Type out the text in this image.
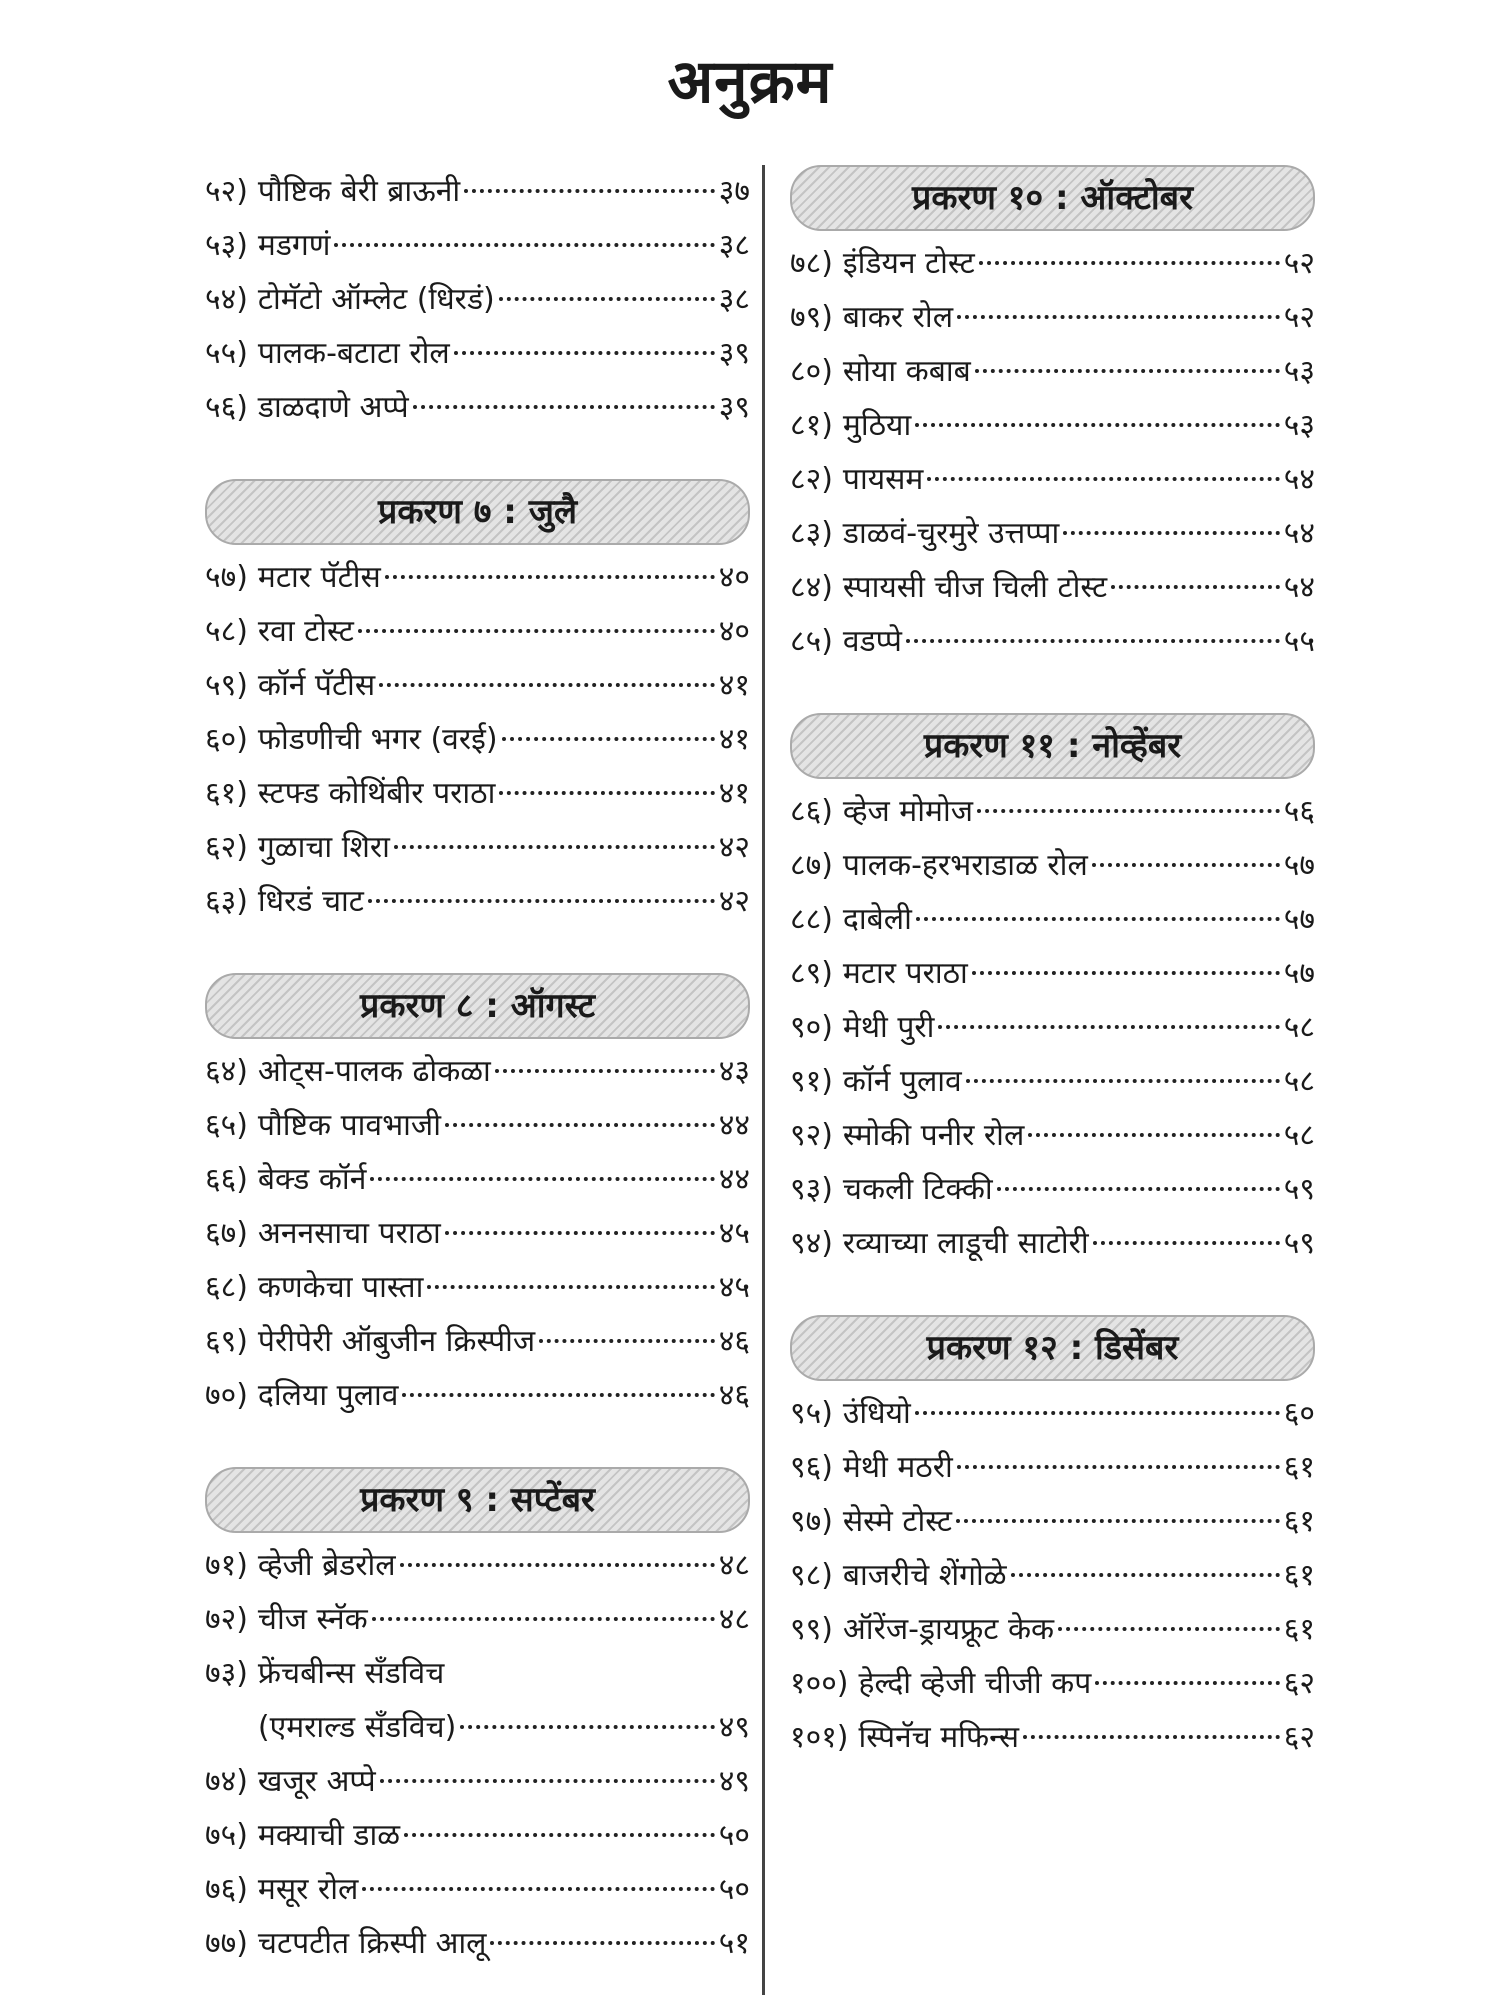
अनुक्रम
५२) पौष्टिक बेरी ब्राऊनी	३७
५३) मडगणं	३८
५४) टोमॅटो ऑम्लेट (धिरडं)	३८
५५) पालक-बटाटा रोल	३९
५६) डाळदाणे अप्पे	३९
प्रकरण ७ : जुलै
५७) मटार पॅटीस	४०
५८) रवा टोस्ट	४०
५९) कॉर्न पॅटीस	४१
६०) फोडणीची भगर (वरई)	४१
६१) स्टफ्ड कोथिंबीर पराठा	४१
६२) गुळाचा शिरा	४२
६३) धिरडं चाट	४२
प्रकरण ८ : ऑगस्ट
६४) ओट्स-पालक ढोकळा	४३
६५) पौष्टिक पावभाजी	४४
६६) बेक्ड कॉर्न	४४
६७) अननसाचा पराठा	४५
६८) कणकेचा पास्ता	४५
६९) पेरीपेरी ऑबुजीन क्रिस्पीज	४६
७०) दलिया पुलाव	४६
प्रकरण ९ : सप्टेंबर
७१) व्हेजी ब्रेडरोल	४८
७२) चीज स्नॅक	४८
७३) फ्रेंचबीन्स सँडविच
(एमराल्ड सँडविच)	४९
७४) खजूर अप्पे	४९
७५) मक्याची डाळ	५०
७६) मसूर रोल	५०
७७) चटपटीत क्रिस्पी आलू	५१
प्रकरण १० : ऑक्टोबर
७८) इंडियन टोस्ट	५२
७९) बाकर रोल	५२
८०) सोया कबाब	५३
८१) मुठिया	५३
८२) पायसम	५४
८३) डाळवं-चुरमुरे उत्तप्पा	५४
८४) स्पायसी चीज चिली टोस्ट	५४
८५) वडप्पे	५५
प्रकरण ११ : नोव्हेंबर
८६) व्हेज मोमोज	५६
८७) पालक-हरभराडाळ रोल	५७
८८) दाबेली	५७
८९) मटार पराठा	५७
९०) मेथी पुरी	५८
९१) कॉर्न पुलाव	५८
९२) स्मोकी पनीर रोल	५८
९३) चकली टिक्की	५९
९४) रव्याच्या लाडूची साटोरी	५९
प्रकरण १२ : डिसेंबर
९५) उंधियो	६०
९६) मेथी मठरी	६१
९७) सेस्मे टोस्ट	६१
९८) बाजरीचे शेंगोळे	६१
९९) ऑरेंज-ड्रायफ्रूट केक	६१
१००) हेल्दी व्हेजी चीजी कप	६२
१०१) स्पिनॅच मफिन्स	६२
